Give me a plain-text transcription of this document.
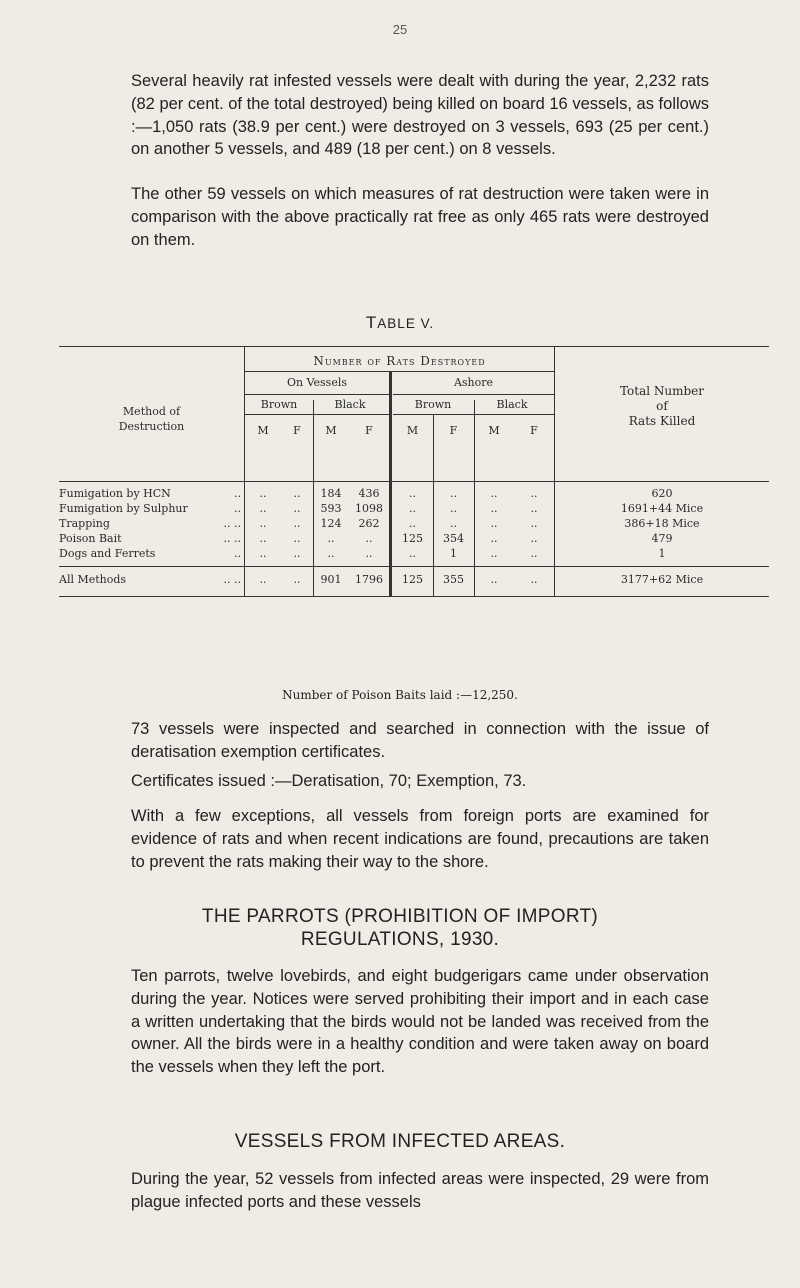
25

Several heavily rat infested vessels were dealt with during the year, 2,232 rats (82 per cent. of the total destroyed) being killed on board 16 vessels, as follows :—1,050 rats (38.9 per cent.) were destroyed on 3 vessels, 693 (25 per cent.) on another 5 vessels, and 489 (18 per cent.) on 8 vessels.

The other 59 vessels on which measures of rat destruction were taken were in comparison with the above practically rat free as only 465 rats were destroyed on them.

TABLE V.
Method of
Destruction
Number of Rats Destroyed
On Vessels	Ashore
Brown	Black	Brown	Black
M	F	M	F	M	F	M	F
Total Number
of
Rats Killed
Fumigation by HCN	..	..	..	184	436	..	..	..	..	620
Fumigation by Sulphur	..	..	..	593	1098	..	..	..	..	1691+44 Mice
Trapping	.. ..	..	..	124	262	..	..	..	..	386+18 Mice
Poison Bait	.. ..	..	..	..	..	125	354	..	..	479
Dogs and Ferrets	..	..	..	..	..	..	1	..	..	1
All Methods	.. ..	..	..	901	1796	125	355	..	..	3177+62 Mice
Number of Poison Baits laid :—12,250.

73 vessels were inspected and searched in connection with the issue of deratisation exemption certificates.

Certificates issued :—Deratisation, 70; Exemption, 73.

With a few exceptions, all vessels from foreign ports are examined for evidence of rats and when recent indications are found, precautions are taken to prevent the rats making their way to the shore.

THE PARROTS (PROHIBITION OF IMPORT)
REGULATIONS, 1930.

Ten parrots, twelve lovebirds, and eight budgerigars came under observation during the year. Notices were served prohibiting their import and in each case a written undertaking that the birds would not be landed was received from the owner. All the birds were in a healthy condition and were taken away on board the vessels when they left the port.

VESSELS FROM INFECTED AREAS.

During the year, 52 vessels from infected areas were inspected, 29 were from plague infected ports and these vessels
